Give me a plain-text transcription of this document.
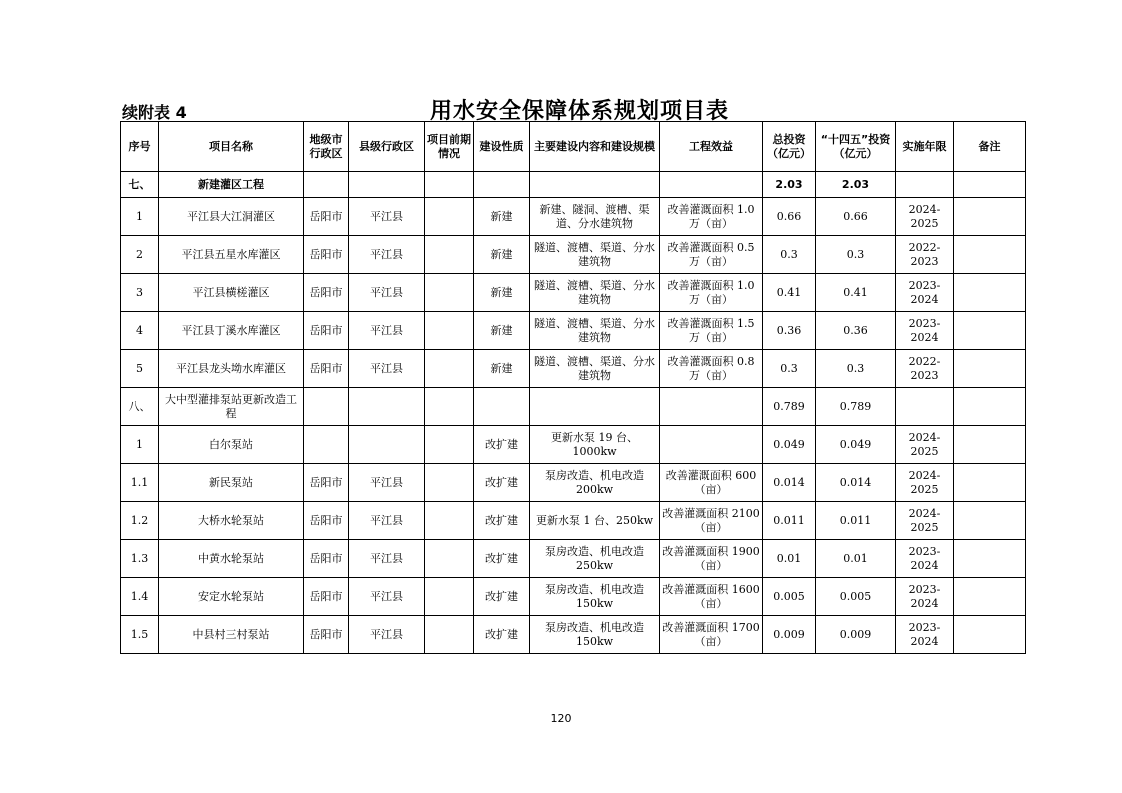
续附表 4	用水安全保障体系规划项目表
序号	项目名称	地级市行政区	县级行政区	项目前期情况	建设性质	主要建设内容和建设规模	工程效益	总投资（亿元）	“十四五”投资（亿元）	实施年限	备注
七、	新建灌区工程							2.03	2.03		
1	平江县大江洞灌区	岳阳市	平江县		新建	新建、隧洞、渡槽、渠道、分水建筑物	改善灌溉面积 1.0 万（亩）	0.66	0.66	2024-2025	
2	平江县五星水库灌区	岳阳市	平江县		新建	隧道、渡槽、渠道、分水建筑物	改善灌溉面积 0.5 万（亩）	0.3	0.3	2022-2023	
3	平江县横槎灌区	岳阳市	平江县		新建	隧道、渡槽、渠道、分水建筑物	改善灌溉面积 1.0 万（亩）	0.41	0.41	2023-2024	
4	平江县丁溪水库灌区	岳阳市	平江县		新建	隧道、渡槽、渠道、分水建筑物	改善灌溉面积 1.5 万（亩）	0.36	0.36	2023-2024	
5	平江县龙头坳水库灌区	岳阳市	平江县		新建	隧道、渡槽、渠道、分水建筑物	改善灌溉面积 0.8 万（亩）	0.3	0.3	2022-2023	
八、	大中型灌排泵站更新改造工程							0.789	0.789		
1	白尔泵站				改扩建	更新水泵 19 台、1000kw		0.049	0.049	2024-2025	
1.1	新民泵站	岳阳市	平江县		改扩建	泵房改造、机电改造 200kw	改善灌溉面积 600（亩）	0.014	0.014	2024-2025	
1.2	大桥水轮泵站	岳阳市	平江县		改扩建	更新水泵 1 台、250kw	改善灌溉面积 2100（亩）	0.011	0.011	2024-2025	
1.3	中黄水轮泵站	岳阳市	平江县		改扩建	泵房改造、机电改造 250kw	改善灌溉面积 1900（亩）	0.01	0.01	2023-2024	
1.4	安定水轮泵站	岳阳市	平江县		改扩建	泵房改造、机电改造 150kw	改善灌溉面积 1600（亩）	0.005	0.005	2023-2024	
1.5	中县村三村泵站	岳阳市	平江县		改扩建	泵房改造、机电改造 150kw	改善灌溉面积 1700（亩）	0.009	0.009	2023-2024	
120
